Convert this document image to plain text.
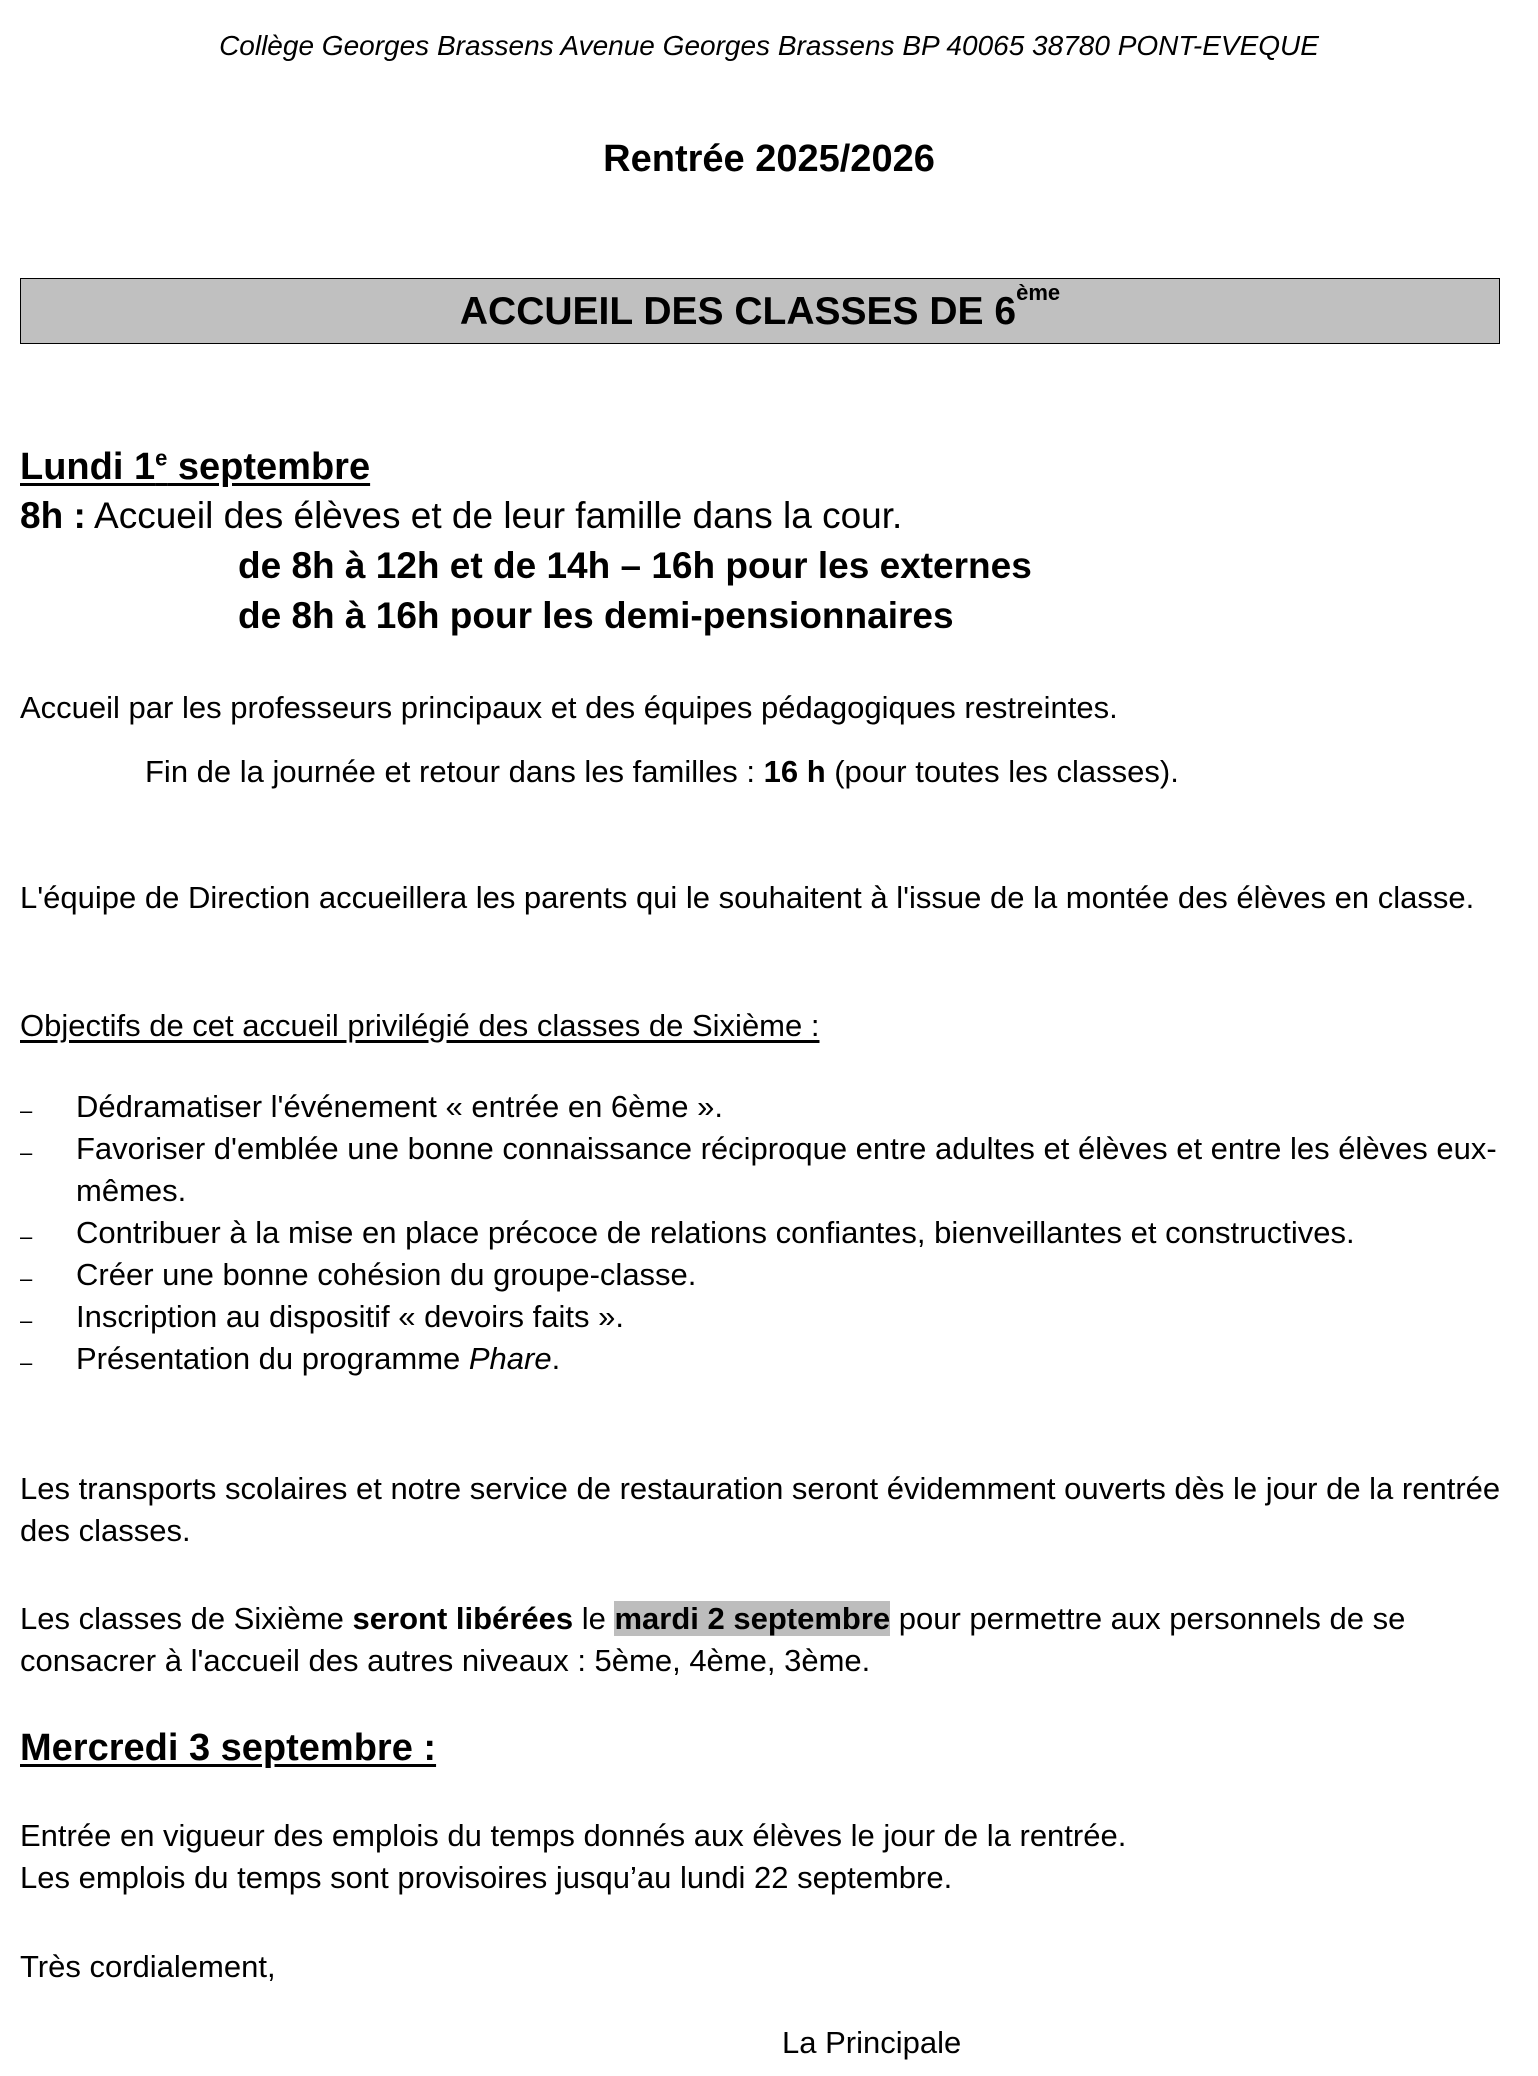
Collège Georges Brassens Avenue Georges Brassens BP 40065 38780 PONT-EVEQUE

Rentrée 2025/2026
ACCUEIL DES CLASSES DE 6ème
Lundi 1e septembre

8h : Accueil des élèves et de leur famille dans la cour.

de 8h à 12h et de 14h – 16h pour les externes

de 8h à 16h pour les demi-pensionnaires

Accueil par les professeurs principaux et des équipes pédagogiques restreintes.

Fin de la journée et retour dans les familles : 16 h (pour toutes les classes).

L'équipe de Direction accueillera les parents qui le souhaitent à l'issue de la montée des élèves en classe.

Objectifs de cet accueil privilégié des classes de Sixième :

– Dédramatiser l'événement « entrée en 6ème ».
– Favoriser d'emblée une bonne connaissance réciproque entre adultes et élèves et entre les élèves eux-mêmes.
– Contribuer à la mise en place précoce de relations confiantes, bienveillantes et constructives.
– Créer une bonne cohésion du groupe-classe.
– Inscription au dispositif « devoirs faits ».
– Présentation du programme Phare.

Les transports scolaires et notre service de restauration seront évidemment ouverts dès le jour de la rentrée des classes.

Les classes de Sixième seront libérées le mardi 2 septembre pour permettre aux personnels de se consacrer à l'accueil des autres niveaux : 5ème, 4ème, 3ème.

Mercredi 3 septembre :

Entrée en vigueur des emplois du temps donnés aux élèves le jour de la rentrée.

Les emplois du temps sont provisoires jusqu’au lundi 22 septembre.

Très cordialement,

La Principale
